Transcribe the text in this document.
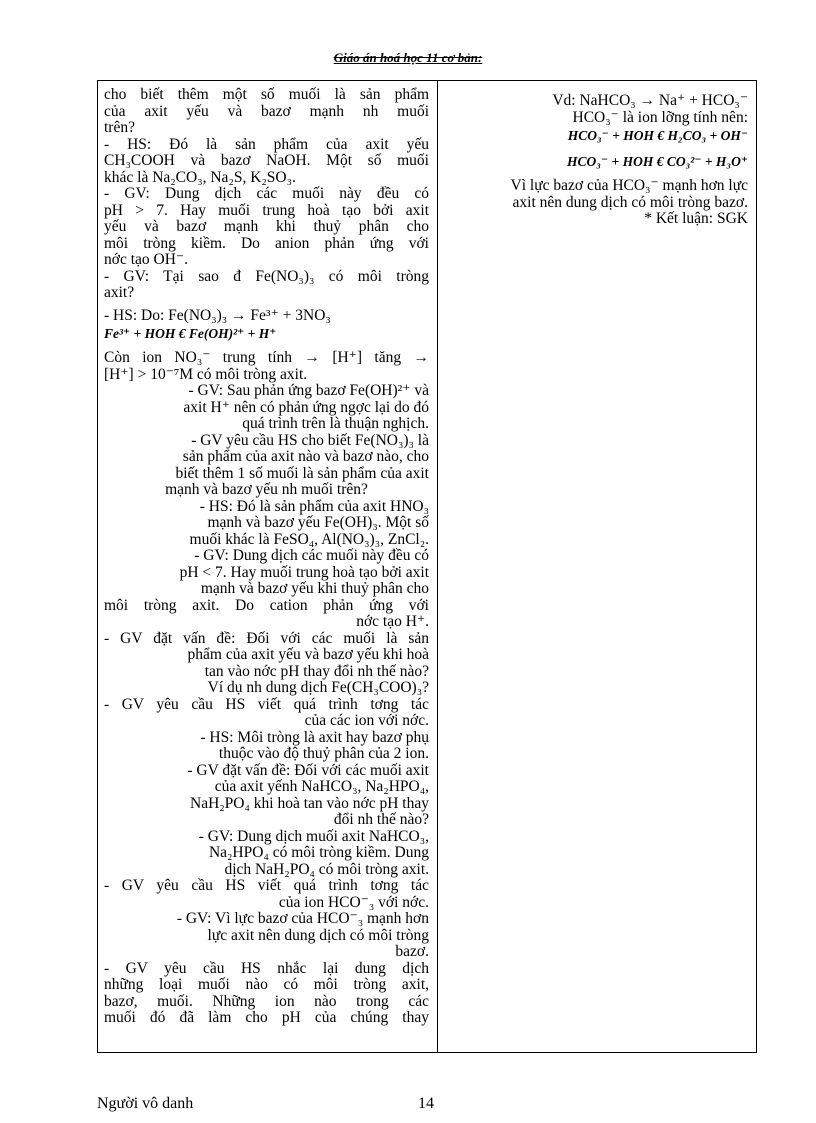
Giáo án hoá học 11 cơ bản:

cho biết thêm một số muối là sản phẩm

của axit yếu và bazơ mạnh nh muối

trên?

- HS: Đó là sản phẩm của axit yếu

CH₃COOH và bazơ NaOH. Một số muối

khác là Na₂CO₃, Na₂S, K₂SO₃.

- GV: Dung dịch các muối này đều có

pH > 7. Hay muối trung hoà tạo bởi axit

yếu và bazơ mạnh khi thuỷ phân cho

môi tròng kiềm. Do anion phản ứng với

nớc tạo OH⁻.

- GV: Tại sao đ Fe(NO₃)₃ có môi tròng

axit?

- HS: Do: Fe(NO₃)₃ → Fe³⁺ + 3NO₃

Fe³⁺ + HOH € Fe(OH)²⁺ + H⁺

Còn ion NO₃⁻ trung tính → [H⁺] tăng →

[H⁺] > 10⁻⁷M có môi tròng axit.

- GV: Sau phản ứng bazơ Fe(OH)²⁺ và

axit H⁺ nên có phản ứng ngợc lại do đó

quá trình trên là thuận nghịch.

- GV yêu cầu HS cho biết Fe(NO₃)₃ là

sản phẩm của axit nào và bazơ nào, cho

biết thêm 1 số muối là sản phẩm của axit

mạnh và bazơ yếu nh muối trên?

- HS: Đó là sản phẩm của axit HNO₃

mạnh và bazơ yếu Fe(OH)₃. Một số

muối khác là FeSO₄, Al(NO₃)₃, ZnCl₂.

- GV: Dung dịch các muối này đều có

pH < 7. Hay muối trung hoà tạo bởi axit

mạnh và bazơ yếu khi thuỷ phân cho

môi tròng axit. Do cation phản ứng với

nớc tạo H⁺.

- GV đặt vấn đề: Đối với các muối là sản

phẩm của axit yếu và bazơ yếu khi hoà

tan vào nớc pH thay đổi nh thế nào?

Ví dụ nh dung dịch Fe(CH₃COO)₃?

- GV yêu cầu HS viết quá trình tơng tác

của các ion với nớc.

- HS: Môi tròng là axit hay bazơ phụ

thuộc vào độ thuỷ phân của 2 ion.

- GV đặt vấn đề: Đối với các muối axit

của axit yếnh NaHCO₃, Na₂HPO₄,

NaH₂PO₄ khi hoà tan vào nớc pH thay

đổi nh thế nào?

- GV: Dung dịch muối axit NaHCO₃,

Na₂HPO₄ có môi tròng kiềm. Dung

dịch NaH₂PO₄ có môi tròng axit.

- GV yêu cầu HS viết quá trình tơng tác

của ion HCO⁻₃ với nớc.

- GV: Vì lực bazơ của HCO⁻₃ mạnh hơn

lực axit nên dung dịch có môi tròng

bazơ.

- GV yêu cầu HS nhắc lại dung dịch

những loại muối nào có môi tròng axit,

bazơ, muối. Những ion nào trong các

muối đó đã làm cho pH của chúng thay

Vd: NaHCO₃ → Na⁺ + HCO₃⁻

HCO₃⁻ là ion lỡng tính nên:

HCO₃⁻ + HOH € H₂CO₃ + OH⁻

HCO₃⁻ + HOH € CO₃²⁻ + H₃O⁺

Vì lực bazơ của HCO₃⁻ mạnh hơn lực

axit nên dung dịch có môi tròng bazơ.

* Kết luận: SGK

Người vô danh	14
